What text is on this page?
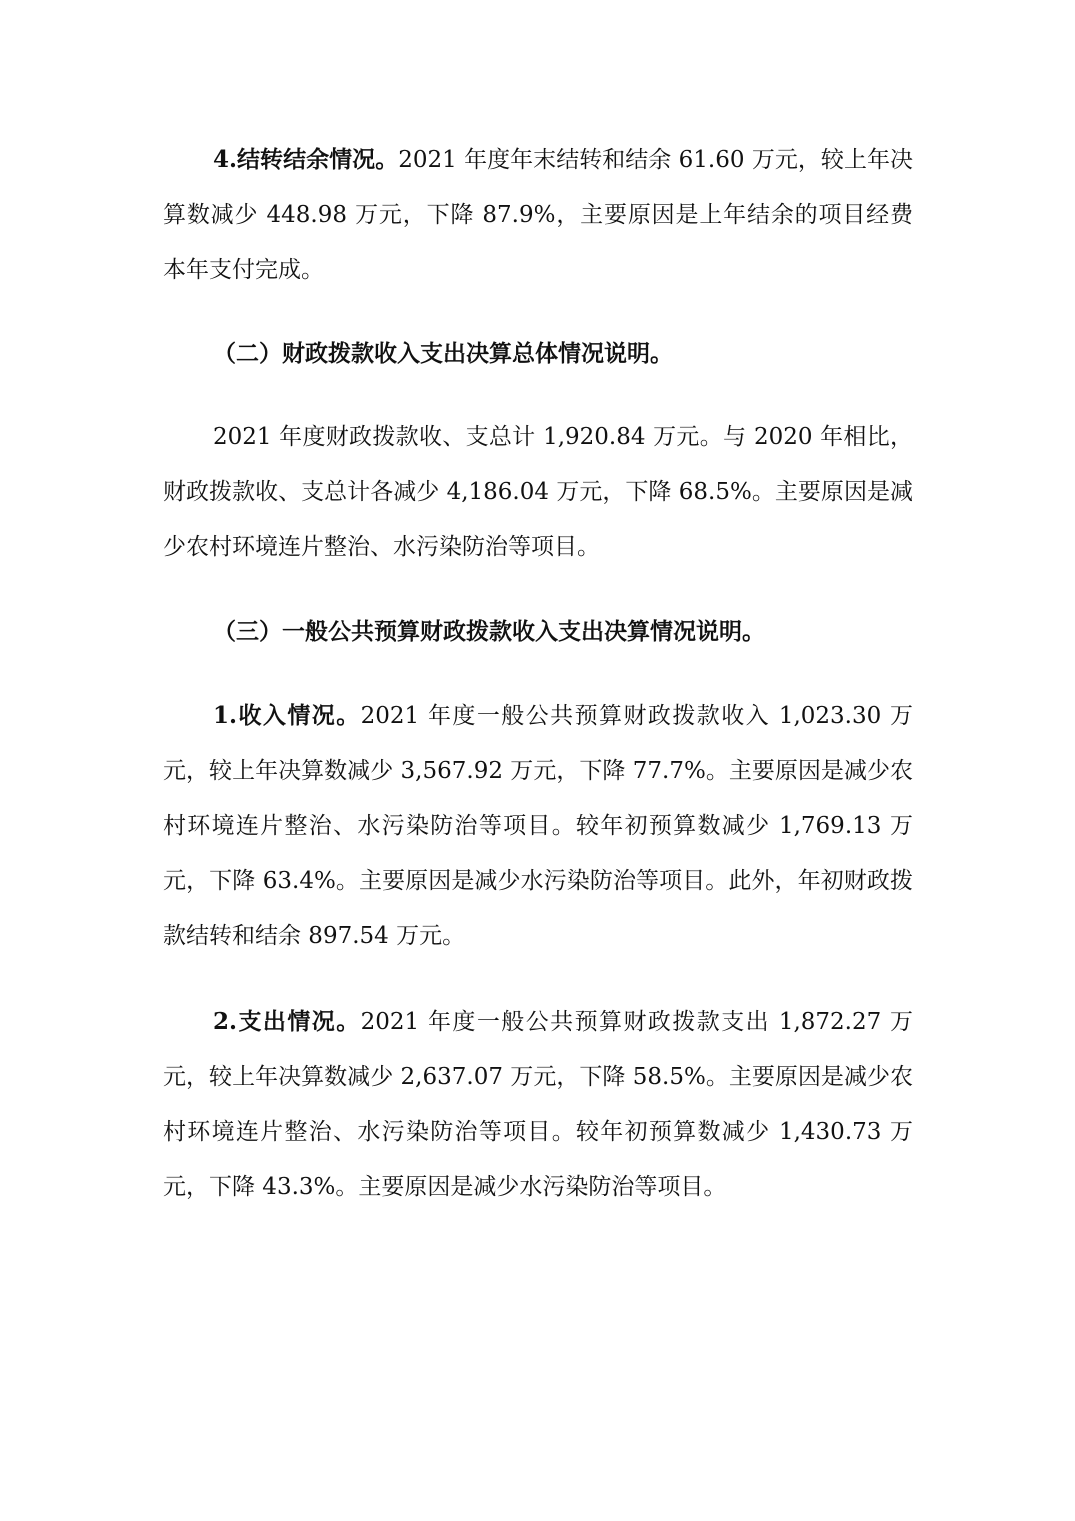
4.结转结余情况。2021 年度年末结转和结余 61.60 万元，较上年决算数减少 448.98 万元，下降 87.9%，主要原因是上年结余的项目经费本年支付完成。

（二）财政拨款收入支出决算总体情况说明。

2021 年度财政拨款收、支总计 1,920.84 万元。与 2020 年相比，财政拨款收、支总计各减少 4,186.04 万元，下降 68.5%。主要原因是减少农村环境连片整治、水污染防治等项目。

（三）一般公共预算财政拨款收入支出决算情况说明。

1.收入情况。2021 年度一般公共预算财政拨款收入 1,023.30 万元，较上年决算数减少 3,567.92 万元，下降 77.7%。主要原因是减少农村环境连片整治、水污染防治等项目。较年初预算数减少 1,769.13 万元，下降 63.4%。主要原因是减少水污染防治等项目。此外，年初财政拨款结转和结余 897.54 万元。

2.支出情况。2021 年度一般公共预算财政拨款支出 1,872.27 万元，较上年决算数减少 2,637.07 万元，下降 58.5%。主要原因是减少农村环境连片整治、水污染防治等项目。较年初预算数减少 1,430.73 万元，下降 43.3%。主要原因是减少水污染防治等项目。
